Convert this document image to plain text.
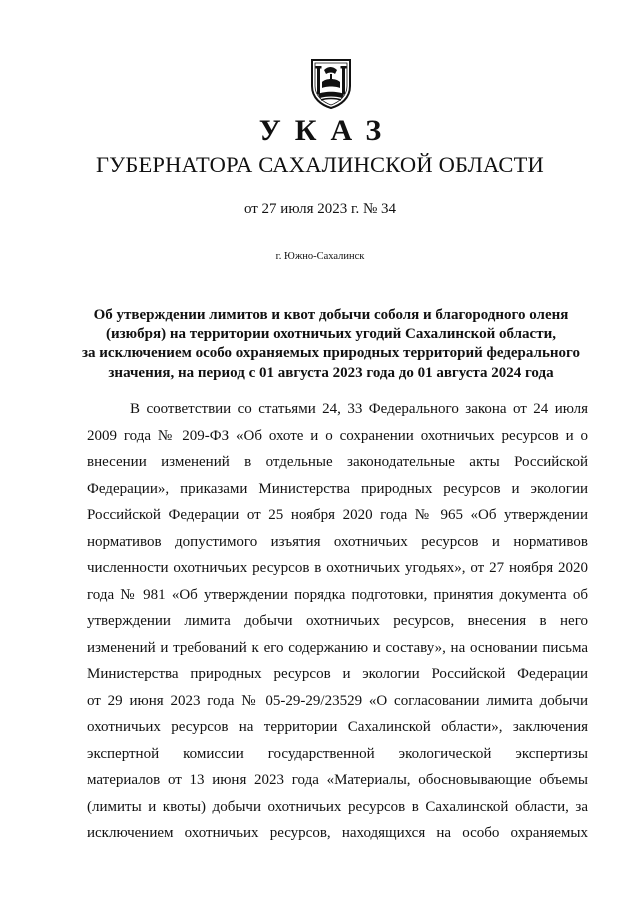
УКАЗ
ГУБЕРНАТОРА САХАЛИНСКОЙ ОБЛАСТИ
от 27 июля 2023 г. № 34
г. Южно-Сахалинск
Об утверждении лимитов и квот добычи соболя и благородного оленя
(изюбря) на территории охотничьих угодий Сахалинской области,
за исключением особо охраняемых природных территорий федерального
значения, на период с 01 августа 2023 года до 01 августа 2024 года
В соответствии со статьями 24, 33 Федерального закона от 24 июля
2009 года № 209-ФЗ «Об охоте и о сохранении охотничьих ресурсов и о
внесении изменений в отдельные законодательные акты Российской
Федерации», приказами Министерства природных ресурсов и экологии
Российской Федерации от 25 ноября 2020 года № 965 «Об утверждении
нормативов допустимого изъятия охотничьих ресурсов и нормативов
численности охотничьих ресурсов в охотничьих угодьях», от 27 ноября 2020
года № 981 «Об утверждении порядка подготовки, принятия документа об
утверждении лимита добычи охотничьих ресурсов, внесения в него
изменений и требований к его содержанию и составу», на основании письма
Министерства природных ресурсов и экологии Российской Федерации
от 29 июня 2023 года № 05-29-29/23529 «О согласовании лимита добычи
охотничьих ресурсов на территории Сахалинской области», заключения
экспертной комиссии государственной экологической экспертизы
материалов от 13 июня 2023 года «Материалы, обосновывающие объемы
(лимиты и квоты) добычи охотничьих ресурсов в Сахалинской области, за
исключением охотничьих ресурсов, находящихся на особо охраняемых
